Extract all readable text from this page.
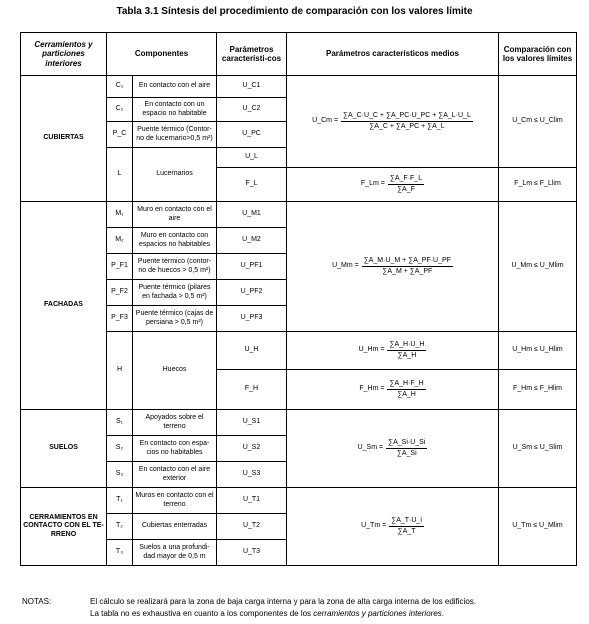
Tabla 3.1 Síntesis del procedimiento de comparación con los valores límite
Cerramientos y particiones interiores	Componentes		Parámetros característi-cos	Parámetros característicos medios	Comparación con los valores límites
CUBIERTAS	C₁	En contacto con el aire	U_C1	U_Cm = $\frac{\sum A\_C\cdot U\_C + \sum A\_PC\cdot U\_PC + \sum A\_L\cdot U\_L}{\sum A\_C + \sum A\_PC + \sum A\_L}$	U_Cm ≤ U_Clim
	C₂	En contacto con un espacio no habitable	U_C2		
	P_C	Puente térmico (Contor-no de lucernario>0,5 m²)	U_PC		
	L	Lucernarios	U_L		
			F_L	F_Lm = $\frac{\sum A\_F\cdot F\_L}{\sum A\_F}$	F_Lm ≤ F_Llim
FACHADAS	M₁	Muro en contacto con el aire	U_M1	U_Mm = $\frac{\sum A\_M\cdot U\_M + \sum A\_PF\cdot U\_PF}{\sum A\_M + \sum A\_PF}$	U_Mm ≤ U_Mlim
	M₂	Muro en contacto con espacios no habitables	U_M2		
	P_F1	Puente térmico (contor-no de huecos > 0,5 m²)	U_PF1		
	P_F2	Puente térmico (pilares en fachada > 0,5 m²)	U_PF2		
	P_F3	Puente térmico (cajas de persiana > 0,5 m²)	U_PF3		
	H	Huecos	U_H	U_Hm = $\frac{\sum A\_H\cdot U\_H}{\sum A\_H}$	U_Hm ≤ U_Hlim
			F_H	F_Hm = $\frac{\sum A\_H\cdot F\_H}{\sum A\_H}$	F_Hm ≤ F_Hlim
SUELOS	S₁	Apoyados sobre el terreno	U_S1	U_Sm = $\frac{\sum A\_Si\cdot U\_Si}{\sum A\_Si}$	U_Sm ≤ U_Slim
	S₂	En contacto con espa-cios no habitables	U_S2		
	S₃	En contacto con el aire exterior	U_S3		
CERRAMIENTOS EN CONTACTO CON EL TE-RRENO	T₁	Muros en contacto con el terreno	U_T1	U_Tm = $\frac{\sum A\_T\cdot U\_i}{\sum A\_T}$	U_Tm ≤ U_Mlim
	T₂	Cubiertas enterradas	U_T2		
	T₃	Suelos a una profundi-dad mayor de 0,5 m	U_T3		
NOTAS:	El cálculo se realizará para la zona de baja carga interna y para la zona de alta carga interna de los edificios.
La tabla no es exhaustiva en cuanto a los componentes de los cerramientos y particiones interiores.
